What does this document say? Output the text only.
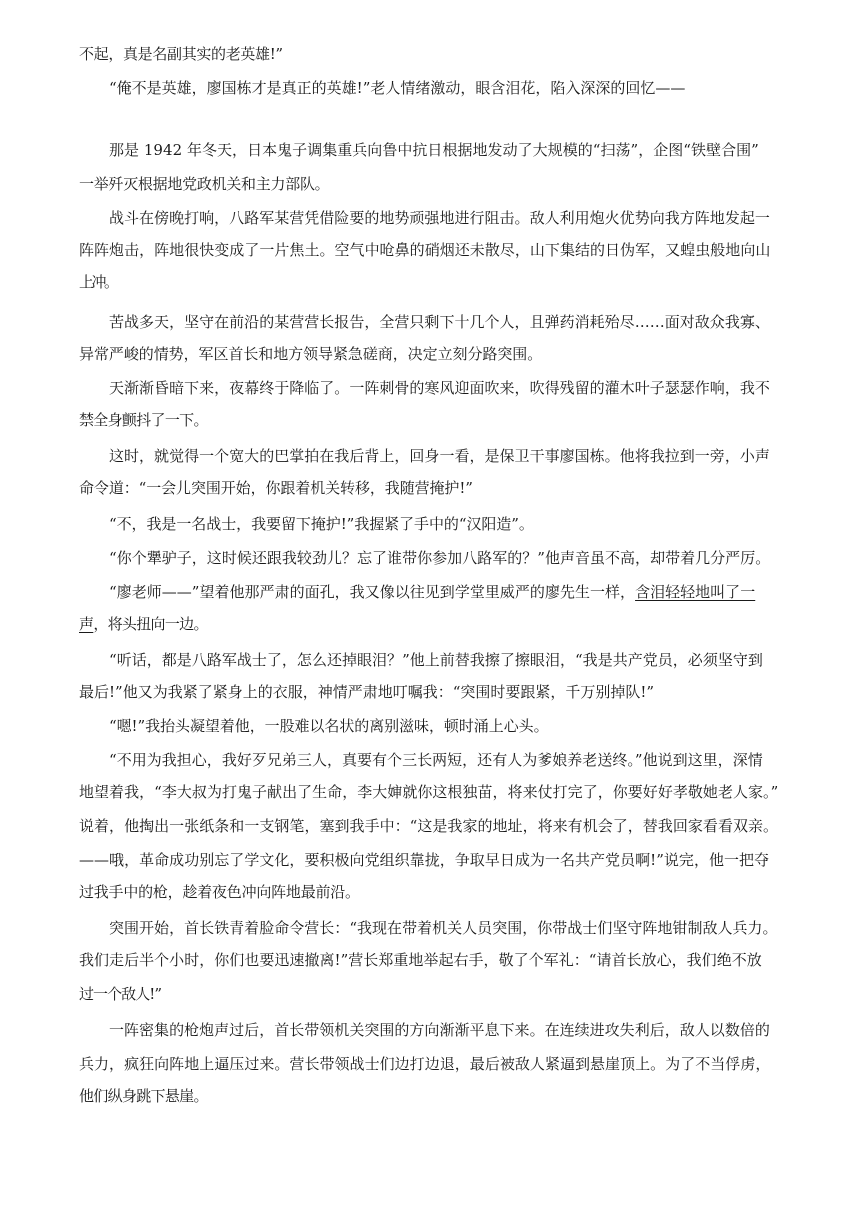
不起，真是名副其实的老英雄!”
“俺不是英雄，廖国栋才是真正的英雄!”老人情绪激动，眼含泪花，陷入深深的回忆——
那是 1942 年冬天，日本鬼子调集重兵向鲁中抗日根据地发动了大规模的“扫荡”，企图“铁壁合围”
一举歼灭根据地党政机关和主力部队。
战斗在傍晚打响，八路军某营凭借险要的地势顽强地进行阻击。敌人利用炮火优势向我方阵地发起一
阵阵炮击，阵地很快变成了一片焦土。空气中呛鼻的硝烟还未散尽，山下集结的日伪军，又蝗虫般地向山
上冲。
苦战多天，坚守在前沿的某营营长报告，全营只剩下十几个人，且弹药消耗殆尽……面对敌众我寡、
异常严峻的情势，军区首长和地方领导紧急磋商，决定立刻分路突围。
天渐渐昏暗下来，夜幕终于降临了。一阵刺骨的寒风迎面吹来，吹得残留的灌木叶子瑟瑟作响，我不
禁全身颤抖了一下。
这时，就觉得一个宽大的巴掌拍在我后背上，回身一看，是保卫干事廖国栋。他将我拉到一旁，小声
命令道：“一会儿突围开始，你跟着机关转移，我随营掩护!”
“不，我是一名战士，我要留下掩护!”我握紧了手中的“汉阳造”。
“你个犟驴子，这时候还跟我较劲儿？忘了谁带你参加八路军的？”他声音虽不高，却带着几分严厉。
“廖老师——”望着他那严肃的面孔，我又像以往见到学堂里威严的廖先生一样，含泪轻轻地叫了一
声，将头扭向一边。
“听话，都是八路军战士了，怎么还掉眼泪？”他上前替我擦了擦眼泪，“我是共产党员，必须坚守到
最后!”他又为我紧了紧身上的衣服，神情严肃地叮嘱我：“突围时要跟紧，千万别掉队!”
“嗯!”我抬头凝望着他，一股难以名状的离别滋味，顿时涌上心头。
“不用为我担心，我好歹兄弟三人，真要有个三长两短，还有人为爹娘养老送终。”他说到这里，深情
地望着我，“李大叔为打鬼子献出了生命，李大婶就你这根独苗，将来仗打完了，你要好好孝敬她老人家。”
说着，他掏出一张纸条和一支钢笔，塞到我手中：“这是我家的地址，将来有机会了，替我回家看看双亲。
——哦，革命成功别忘了学文化，要积极向党组织靠拢，争取早日成为一名共产党员啊!”说完，他一把夺
过我手中的枪，趁着夜色冲向阵地最前沿。
突围开始，首长铁青着脸命令营长：“我现在带着机关人员突围，你带战士们坚守阵地钳制敌人兵力。
我们走后半个小时，你们也要迅速撤离!”营长郑重地举起右手，敬了个军礼：“请首长放心，我们绝不放
过一个敌人!”
一阵密集的枪炮声过后，首长带领机关突围的方向渐渐平息下来。在连续进攻失利后，敌人以数倍的
兵力，疯狂向阵地上逼压过来。营长带领战士们边打边退，最后被敌人紧逼到悬崖顶上。为了不当俘虏，
他们纵身跳下悬崖。
